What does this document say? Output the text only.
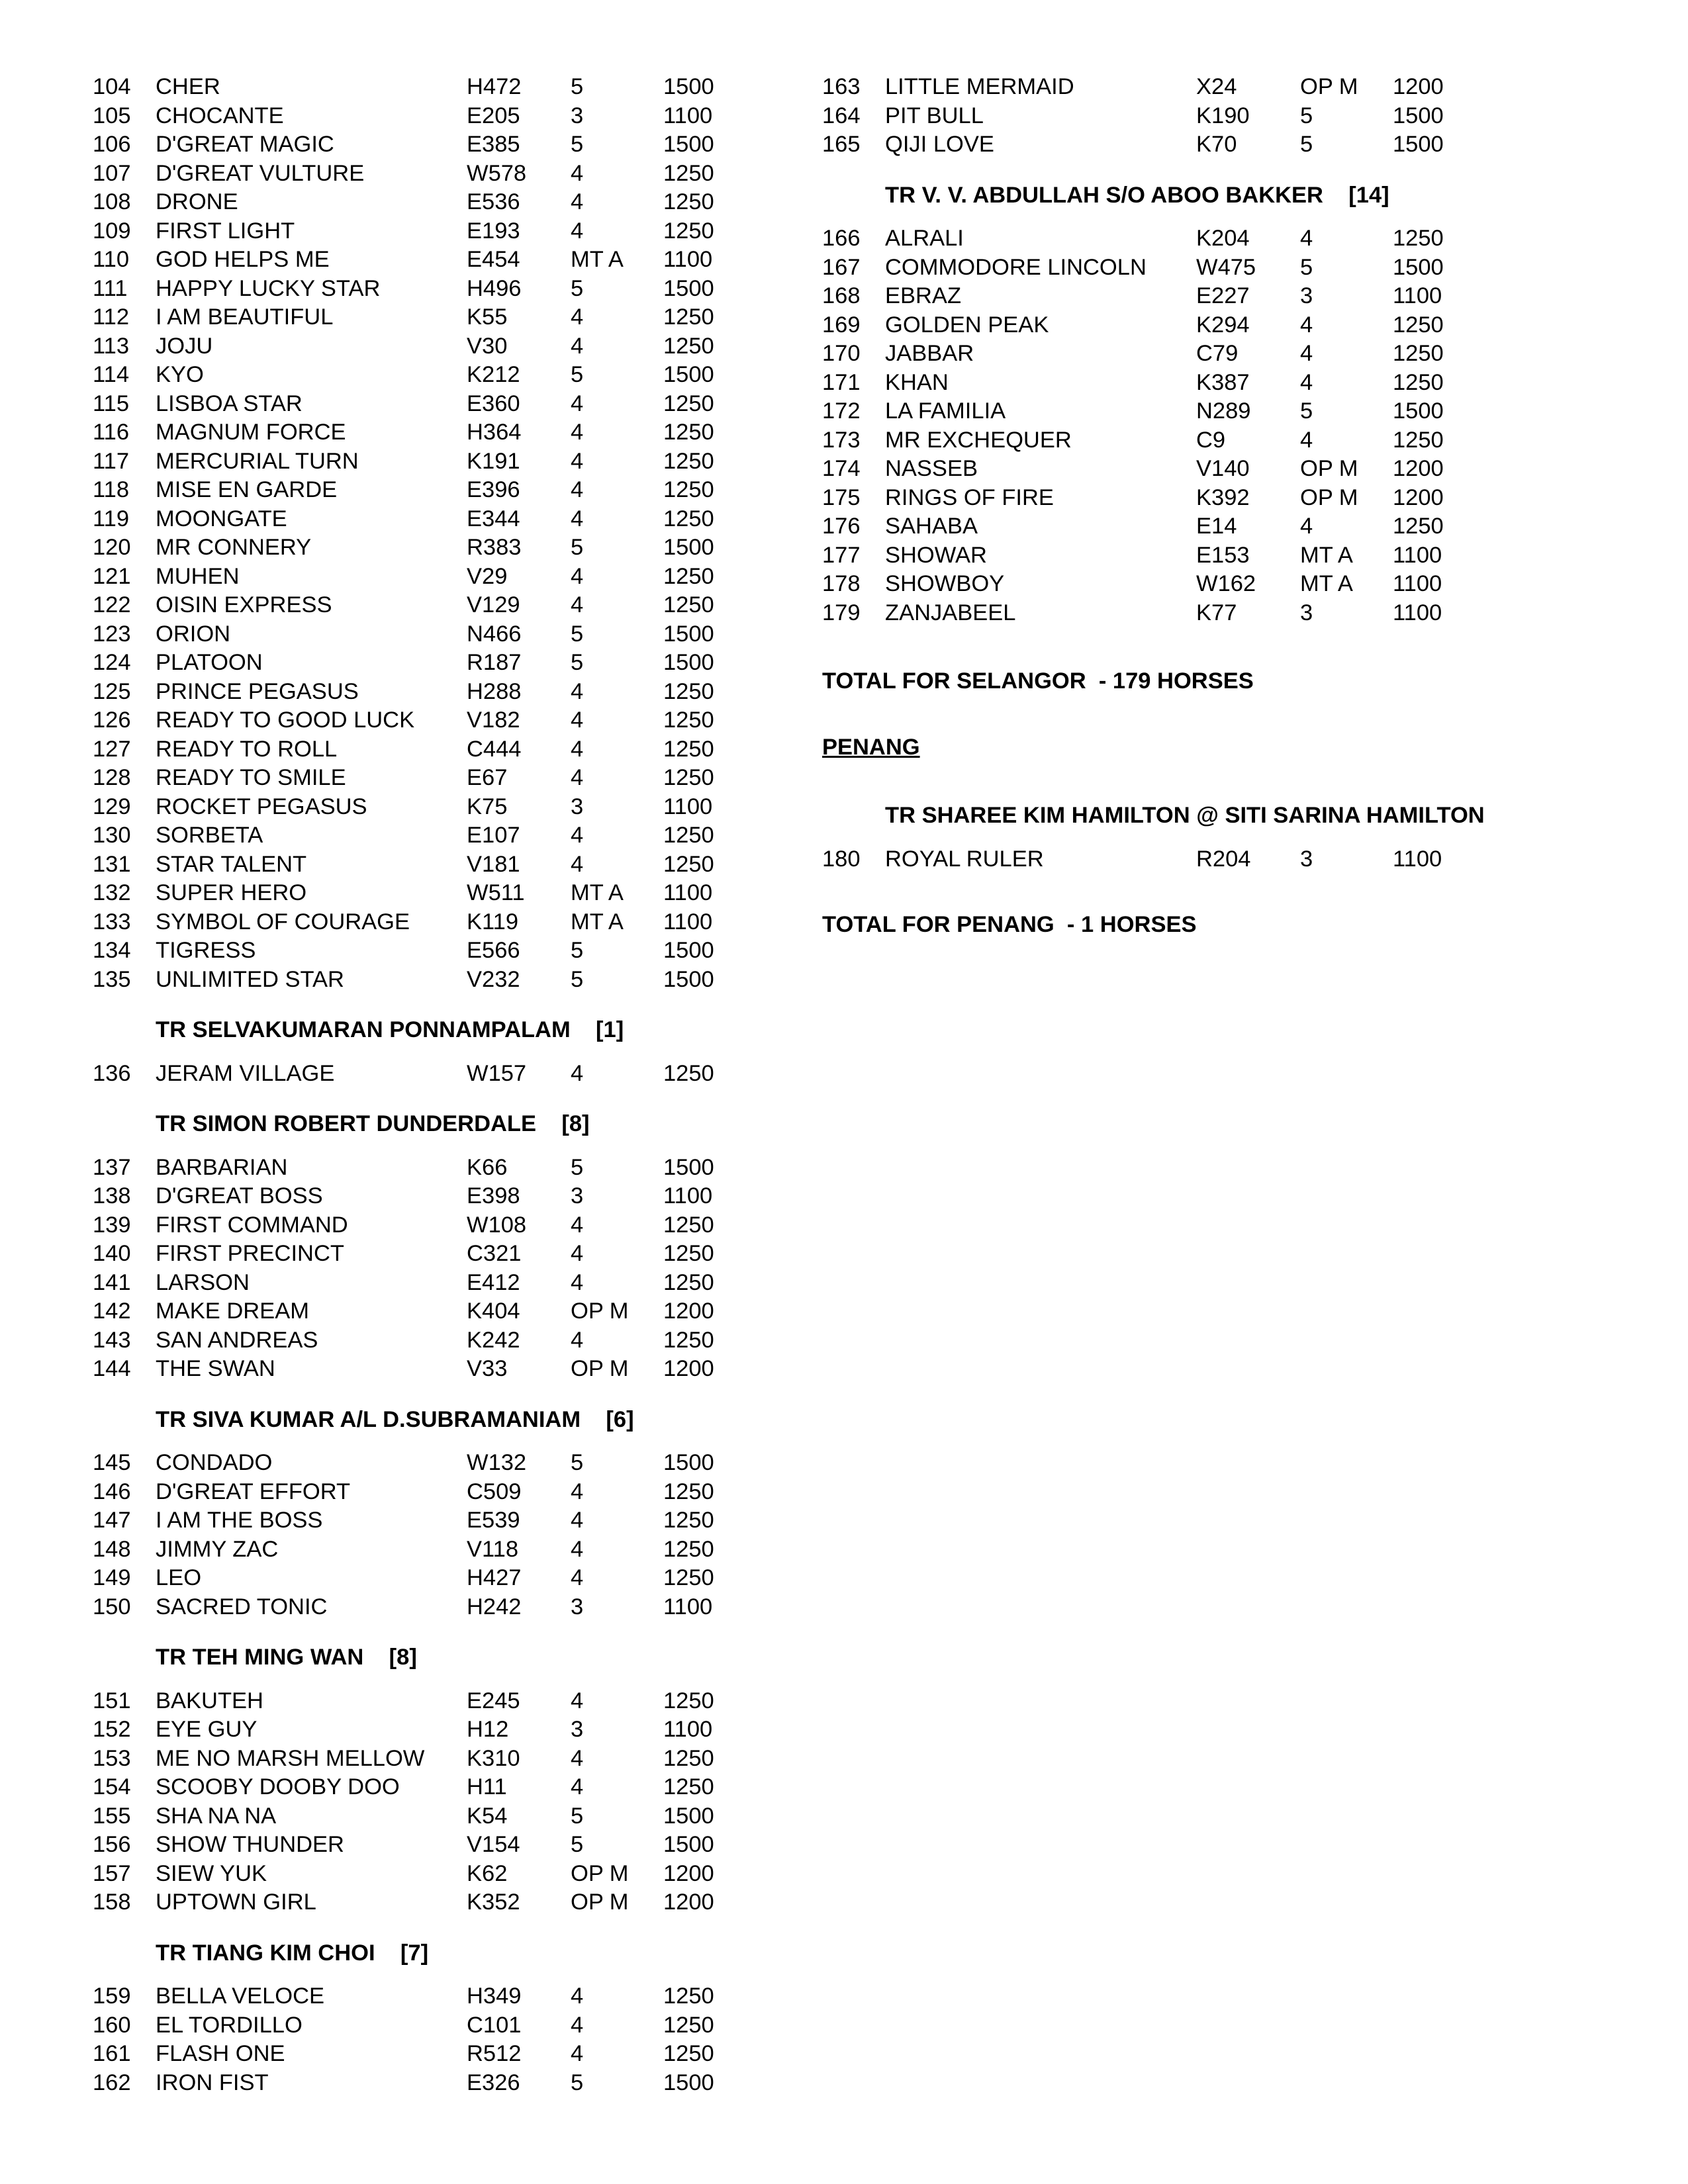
104 CHER	H472 5	1500
105 CHOCANTE	E205 3	1100
106 D'GREAT MAGIC	E385 5	1500
107 D'GREAT VULTURE	W578 4	1250
108 DRONE	E536 4	1250
109 FIRST LIGHT	E193 4	1250
110 GOD HELPS ME	E454 MT A 1100
111 HAPPY LUCKY STAR	H496 5	1500
112 I AM BEAUTIFUL	K55	4	1250
113 JOJU	V30	4	1250
114 KYO	K212 5	1500
115 LISBOA STAR	E360 4	1250
116 MAGNUM FORCE	H364 4	1250
117 MERCURIAL TURN	K191 4	1250
118 MISE EN GARDE	E396 4	1250
119 MOONGATE	E344 4	1250
120 MR CONNERY	R383 5	1500
121 MUHEN	V29	4	1250
122 OISIN EXPRESS	V129 4	1250
123 ORION	N466 5	1500
124 PLATOON	R187 5	1500
125 PRINCE PEGASUS	H288 4	1250
126 READY TO GOOD LUCK V182 4	1250
127 READY TO ROLL	C444 4	1250
128 READY TO SMILE	E67	4	1250
129 ROCKET PEGASUS	K75	3	1100
130 SORBETA	E107 4	1250
131 STAR TALENT	V181 4	1250
132 SUPER HERO	W511 MT A 1100
133 SYMBOL OF COURAGE K119 MT A 1100
134 TIGRESS	E566 5	1500
135 UNLIMITED STAR	V232 5	1500
TR SELVAKUMARAN PONNAMPALAM    [1]
136 JERAM VILLAGE	W157 4	1250
TR SIMON ROBERT DUNDERDALE    [8]
137 BARBARIAN	K66	5	1500
138 D'GREAT BOSS	E398 3	1100
139 FIRST COMMAND	W108 4	1250
140 FIRST PRECINCT	C321 4	1250
141 LARSON	E412 4	1250
142 MAKE DREAM	K404 OP M 1200
143 SAN ANDREAS	K242 4	1250
144 THE SWAN	V33	OP M 1200
TR SIVA KUMAR A/L D.SUBRAMANIAM    [6]
145 CONDADO	W132 5	1500
146 D'GREAT EFFORT	C509 4	1250
147 I AM THE BOSS	E539 4	1250
148 JIMMY ZAC	V118 4	1250
149 LEO	H427 4	1250
150 SACRED TONIC	H242 3	1100
TR TEH MING WAN    [8]
151 BAKUTEH	E245 4	1250
152 EYE GUY	H12	3	1100
153 ME NO MARSH MELLOW K310 4	1250
154 SCOOBY DOOBY DOO	H11	4	1250
155 SHA NA NA	K54	5	1500
156 SHOW THUNDER	V154 5	1500
157 SIEW YUK	K62	OP M 1200
158 UPTOWN GIRL	K352 OP M 1200
TR TIANG KIM CHOI    [7]
159 BELLA VELOCE	H349 4	1250
160 EL TORDILLO	C101 4	1250
161 FLASH ONE	R512 4	1250
162 IRON FIST	E326 5	1500
163 LITTLE MERMAID	X24	OP M 1200
164 PIT BULL	K190 5	1500
165 QIJI LOVE	K70	5	1500
TR V. V. ABDULLAH S/O ABOO BAKKER    [14]
166 ALRALI	K204 4	1250
167 COMMODORE LINCOLN W475 5	1500
168 EBRAZ	E227 3	1100
169 GOLDEN PEAK	K294 4	1250
170 JABBAR	C79	4	1250
171 KHAN	K387 4	1250
172 LA FAMILIA	N289 5	1500
173 MR EXCHEQUER	C9	4	1250
174 NASSEB	V140 OP M 1200
175 RINGS OF FIRE	K392 OP M 1200
176 SAHABA	E14	4	1250
177 SHOWAR	E153 MT A 1100
178 SHOWBOY	W162 MT A 1100
179 ZANJABEEL	K77	3	1100
TOTAL FOR SELANGOR  - 179 HORSES
PENANG
TR SHAREE KIM HAMILTON @ SITI SARINA HAMILTON
180 ROYAL RULER	R204 3	1100
TOTAL FOR PENANG  - 1 HORSES
